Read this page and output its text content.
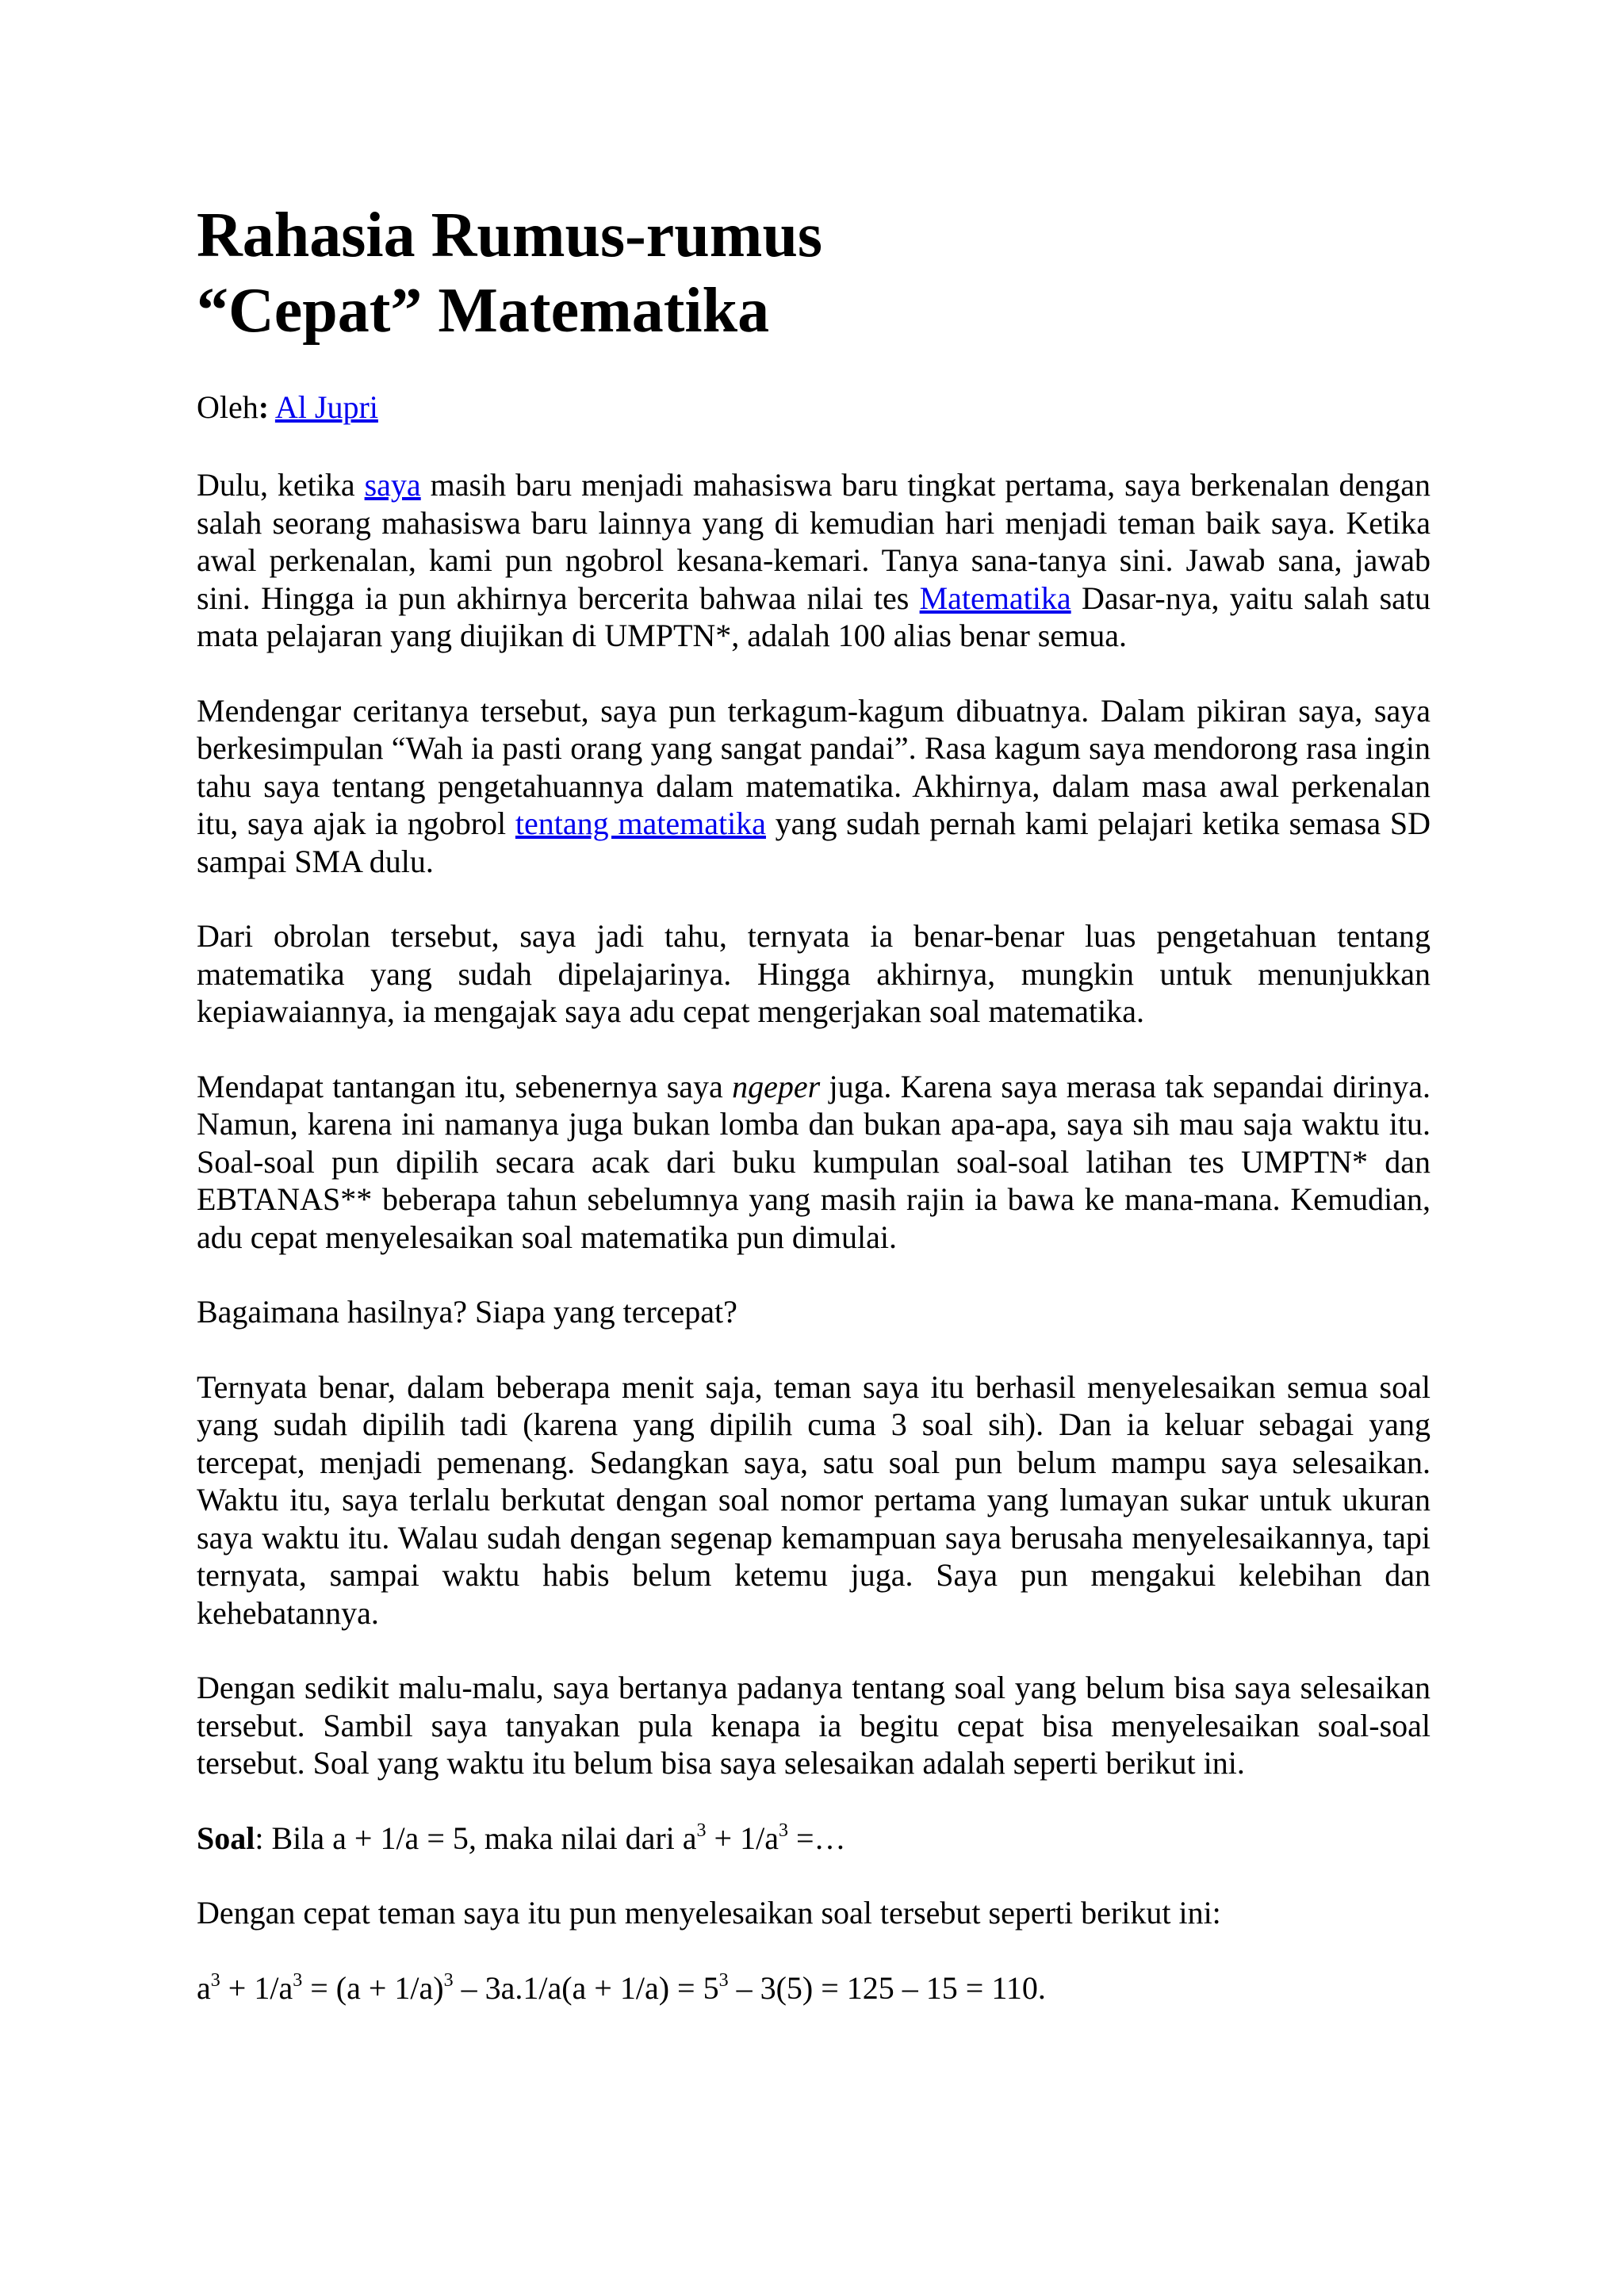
Rahasia Rumus-rumus
“Cepat” Matematika
Oleh: Al Jupri

Dulu, ketika saya masih baru menjadi mahasiswa baru tingkat pertama, saya berkenalan dengan salah seorang mahasiswa baru lainnya yang di kemudian hari menjadi teman baik saya. Ketika awal perkenalan, kami pun ngobrol kesana-kemari. Tanya sana-tanya sini. Jawab sana, jawab sini. Hingga ia pun akhirnya bercerita bahwaa nilai tes Matematika Dasar-nya, yaitu salah satu mata pelajaran yang diujikan di UMPTN*, adalah 100 alias benar semua.

Mendengar ceritanya tersebut, saya pun terkagum-kagum dibuatnya. Dalam pikiran saya, saya berkesimpulan “Wah ia pasti orang yang sangat pandai”. Rasa kagum saya mendorong rasa ingin tahu saya tentang pengetahuannya dalam matematika. Akhirnya, dalam masa awal perkenalan itu, saya ajak ia ngobrol tentang matematika yang sudah pernah kami pelajari ketika semasa SD sampai SMA dulu.

Dari obrolan tersebut, saya jadi tahu, ternyata ia benar-benar luas pengetahuan tentang matematika yang sudah dipelajarinya. Hingga akhirnya, mungkin untuk menunjukkan kepiawaiannya, ia mengajak saya adu cepat mengerjakan soal matematika.

Mendapat tantangan itu, sebenernya saya ngeper juga. Karena saya merasa tak sepandai dirinya. Namun, karena ini namanya juga bukan lomba dan bukan apa-apa, saya sih mau saja waktu itu. Soal-soal pun dipilih secara acak dari buku kumpulan soal-soal latihan tes UMPTN* dan EBTANAS** beberapa tahun sebelumnya yang masih rajin ia bawa ke mana-mana. Kemudian, adu cepat menyelesaikan soal matematika pun dimulai.

Bagaimana hasilnya? Siapa yang tercepat?

Ternyata benar, dalam beberapa menit saja, teman saya itu berhasil menyelesaikan semua soal yang sudah dipilih tadi (karena yang dipilih cuma 3 soal sih). Dan ia keluar sebagai yang tercepat, menjadi pemenang. Sedangkan saya, satu soal pun belum mampu saya selesaikan. Waktu itu, saya terlalu berkutat dengan soal nomor pertama yang lumayan sukar untuk ukuran saya waktu itu. Walau sudah dengan segenap kemampuan saya berusaha menyelesaikannya, tapi ternyata, sampai waktu habis belum ketemu juga. Saya pun mengakui kelebihan dan kehebatannya.

Dengan sedikit malu-malu, saya bertanya padanya tentang soal yang belum bisa saya selesaikan tersebut. Sambil saya tanyakan pula kenapa ia begitu cepat bisa menyelesaikan soal-soal tersebut. Soal yang waktu itu belum bisa saya selesaikan adalah seperti berikut ini.

Soal: Bila a + 1/a = 5, maka nilai dari $a^3 + 1/a^3$ =…

Dengan cepat teman saya itu pun menyelesaikan soal tersebut seperti berikut ini:

$a^3 + 1/a^3 = (a + 1/a)^3 - 3a.1/a(a + 1/a) = 5^3 - 3(5) = 125 - 15 = 110$.
